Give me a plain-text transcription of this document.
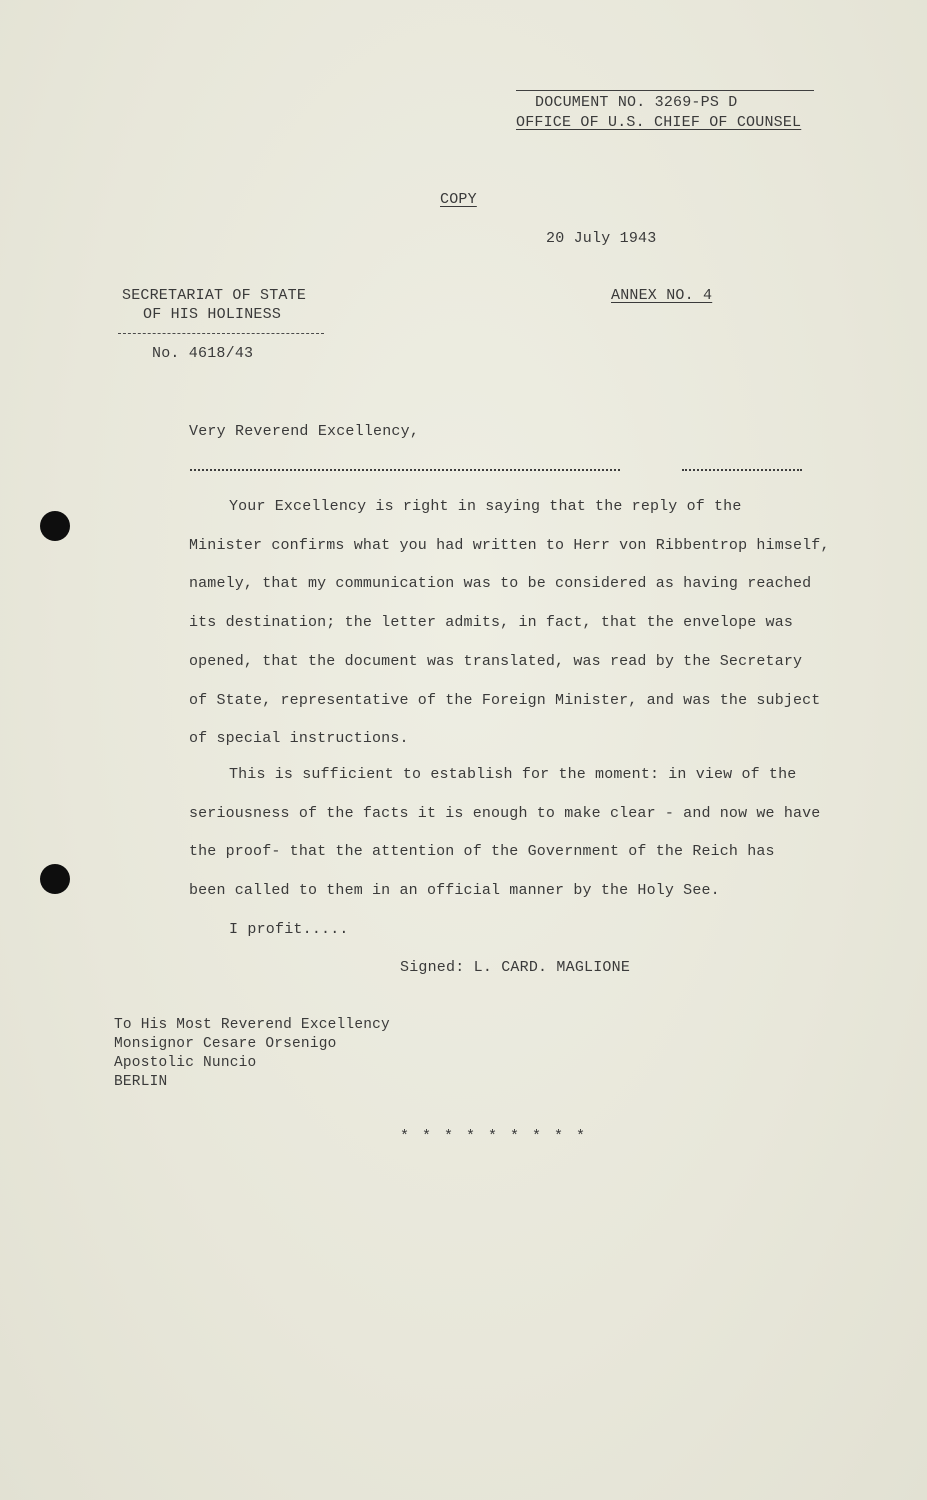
DOCUMENT NO. 3269-PS D
OFFICE OF U.S. CHIEF OF COUNSEL
COPY
20 July 1943
SECRETARIAT OF STATE
OF HIS HOLINESS
No. 4618/43
ANNEX NO. 4
Very Reverend Excellency,
Your Excellency is right in saying that the reply of the
Minister confirms what you had written to Herr von Ribbentrop himself,
namely, that my communication was to be considered as having reached
its destination; the letter admits, in fact, that the envelope was
opened, that the document was translated, was read by the Secretary
of State, representative of the Foreign Minister, and was the subject
of special instructions.
This is sufficient to establish for the moment: in view of the
seriousness of the facts it is enough to make clear - and now we have
the proof- that the attention of the Government of the Reich has
been called to them in an official manner by the Holy See.
I profit.....
Signed: L. CARD. MAGLIONE
To His Most Reverend Excellency
Monsignor Cesare Orsenigo
Apostolic Nuncio
BERLIN
* * * * * * * * *
